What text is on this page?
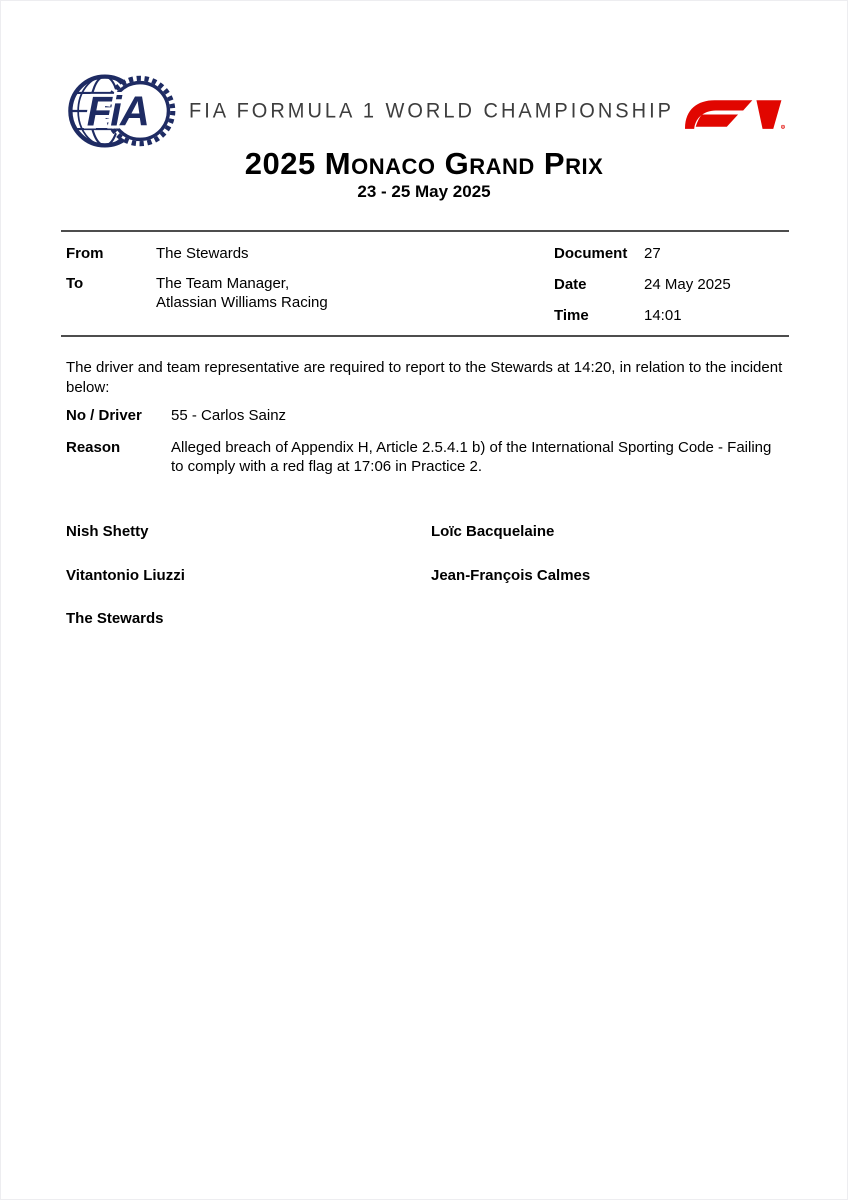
FiA	FIA FORMULA 1 WORLD CHAMPIONSHIP
R
2025 Monaco Grand Prix
23 - 25 May 2025
From	The Stewards
To	The Team Manager,
Atlassian Williams Racing
Document	27
Date	24 May 2025
Time	14:01

The driver and team representative are required to report to the Stewards at 14:20, in relation to the incident below:

No / Driver	55 - Carlos Sainz
Reason	Alleged breach of Appendix H, Article 2.5.4.1 b) of the International Sporting Code - Failing to comply with a red flag at 17:06 in Practice 2.
Nish Shetty	Loïc Bacquelaine
Vitantonio Liuzzi	Jean-François Calmes
The Stewards
